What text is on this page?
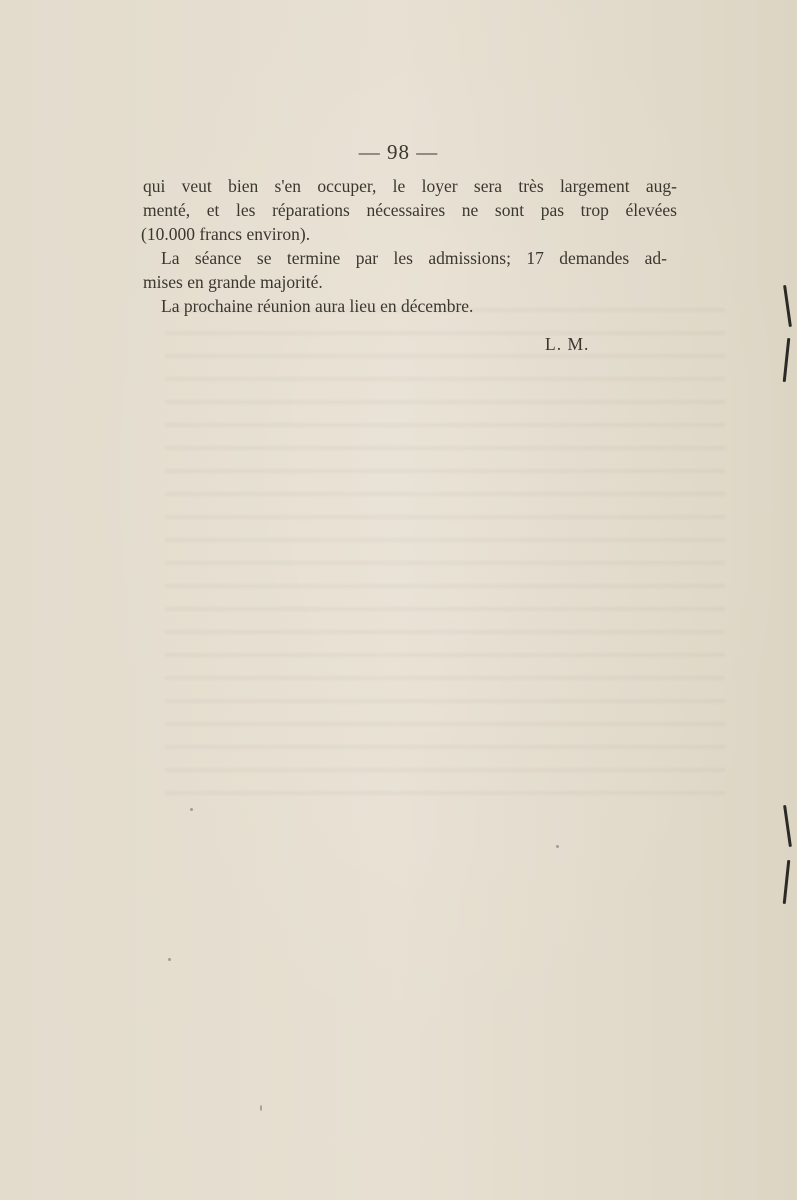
— 98 —
qui veut bien s'en occuper, le loyer sera très largement aug-
menté, et les réparations nécessaires ne sont pas trop élevées
(10.000 francs environ).
La séance se termine par les admissions; 17 demandes ad-
mises en grande majorité.
La prochaine réunion aura lieu en décembre.
L. M.
